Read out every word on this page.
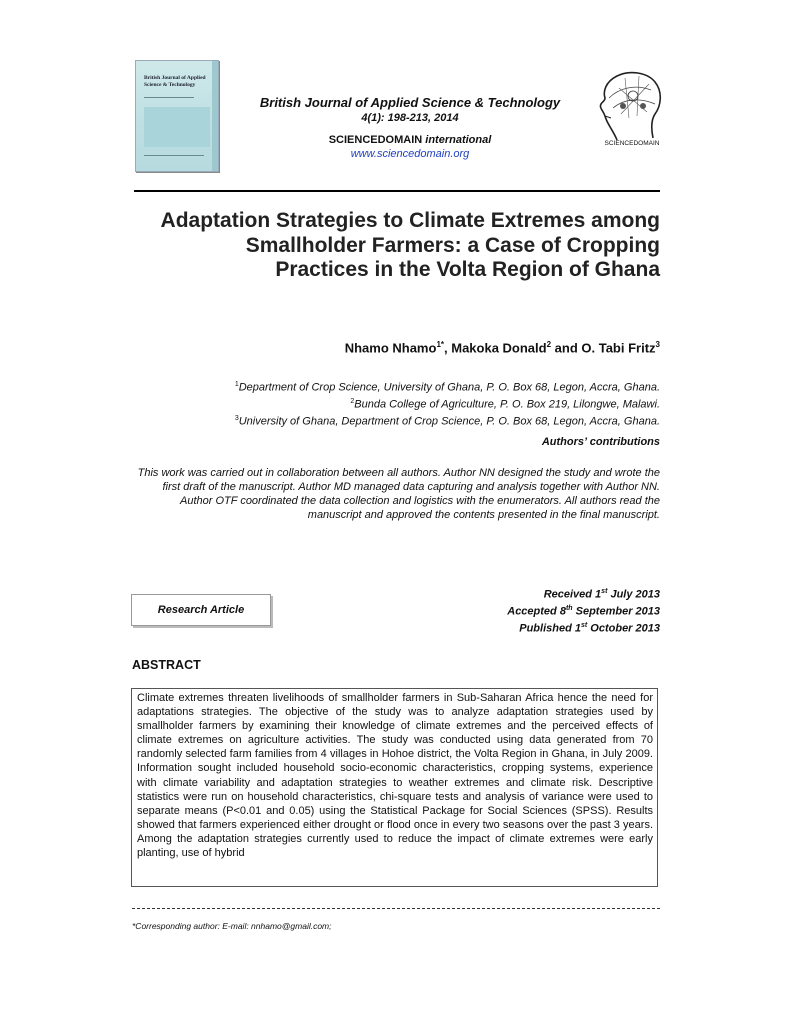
British Journal of Applied Science & Technology
British Journal of Applied Science & Technology
4(1): 198-213, 2014
SCIENCEDOMAIN international
www.sciencedomain.org
SCIENCEDOMAIN
Adaptation Strategies to Climate Extremes among Smallholder Farmers: a Case of Cropping Practices in the Volta Region of Ghana
Nhamo Nhamo$^{1*}$, Makoka Donald$^2$ and O. Tabi Fritz$^3$
$^1$Department of Crop Science, University of Ghana, P. O. Box 68, Legon, Accra, Ghana.
$^2$Bunda College of Agriculture, P. O. Box 219, Lilongwe, Malawi.
$^3$University of Ghana, Department of Crop Science, P. O. Box 68, Legon, Accra, Ghana.
Authors’ contributions
This work was carried out in collaboration between all authors. Author NN designed the study and wrote the first draft of the manuscript. Author MD managed data capturing and analysis together with Author NN. Author OTF coordinated the data collection and logistics with the enumerators. All authors read the manuscript and approved the contents presented in the final manuscript.
Research Article
Received 1st July 2013
Accepted 8th September 2013
Published 1st October 2013
ABSTRACT
Climate extremes threaten livelihoods of smallholder farmers in Sub-Saharan Africa hence the need for adaptations strategies. The objective of the study was to analyze adaptation strategies used by smallholder farmers by examining their knowledge of climate extremes and the perceived effects of climate extremes on agriculture activities. The study was conducted using data generated from 70 randomly selected farm families from 4 villages in Hohoe district, the Volta Region in Ghana, in July 2009. Information sought included household socio-economic characteristics, cropping systems, experience with climate variability and adaptation strategies to weather extremes and climate risk. Descriptive statistics were run on household characteristics, chi-square tests and analysis of variance were used to separate means (P<0.01 and 0.05) using the Statistical Package for Social Sciences (SPSS). Results showed that farmers experienced either drought or flood once in every two seasons over the past 3 years. Among the adaptation strategies currently used to reduce the impact of climate extremes were early planting, use of hybrid
*Corresponding author: E-mail: nnhamo@gmail.com;
